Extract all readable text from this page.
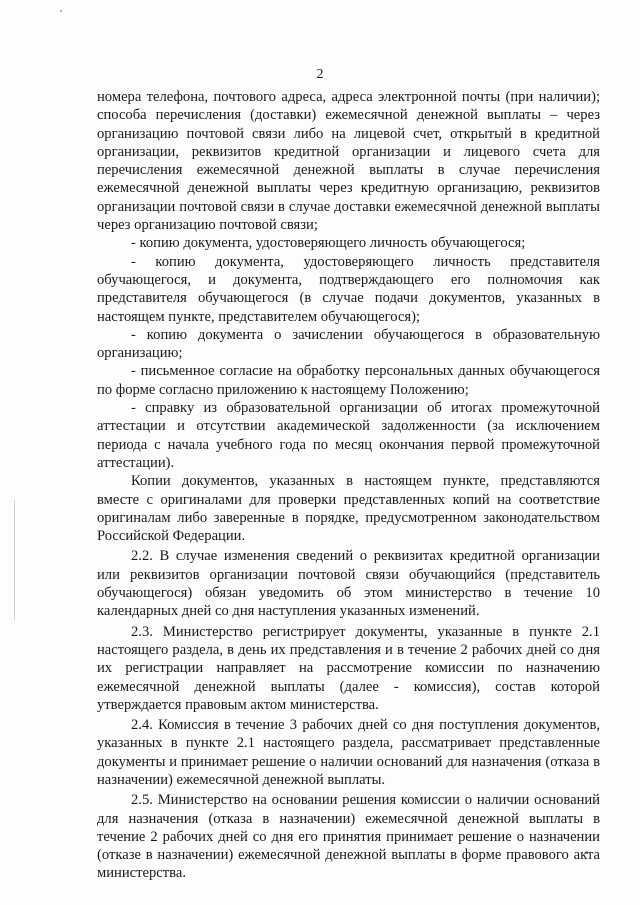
2

номера телефона, почтового адреса, адреса электронной почты (при наличии); способа перечисления (доставки) ежемесячной денежной выплаты – через организацию почтовой связи либо на лицевой счет, открытый в кредитной организации, реквизитов кредитной организации и лицевого счета для перечисления ежемесячной денежной выплаты в случае перечисления ежемесячной денежной выплаты через кредитную организацию, реквизитов организации почтовой связи в случае доставки ежемесячной денежной выплаты через организацию почтовой связи;

- копию документа, удостоверяющего личность обучающегося;

- копию документа, удостоверяющего личность представителя обучающегося, и документа, подтверждающего его полномочия как представителя обучающегося (в случае подачи документов, указанных в настоящем пункте, представителем обучающегося);

- копию документа о зачислении обучающегося в образовательную организацию;

- письменное согласие на обработку персональных данных обучающегося по форме согласно приложению к настоящему Положению;

- справку из образовательной организации об итогах промежуточной аттестации и отсутствии академической задолженности (за исключением периода с начала учебного года по месяц окончания первой промежуточной аттестации).

Копии документов, указанных в настоящем пункте, представляются вместе с оригиналами для проверки представленных копий на соответствие оригиналам либо заверенные в порядке, предусмотренном законодательством Российской Федерации.

2.2. В случае изменения сведений о реквизитах кредитной организации или реквизитов организации почтовой связи обучающийся (представитель обучающегося) обязан уведомить об этом министерство в течение 10 календарных дней со дня наступления указанных изменений.

2.3. Министерство регистрирует документы, указанные в пункте 2.1 настоящего раздела, в день их представления и в течение 2 рабочих дней со дня их регистрации направляет на рассмотрение комиссии по назначению ежемесячной денежной выплаты (далее - комиссия), состав которой утверждается правовым актом министерства.

2.4. Комиссия в течение 3 рабочих дней со дня поступления документов, указанных в пункте 2.1 настоящего раздела, рассматривает представленные документы и принимает решение о наличии оснований для назначения (отказа в назначении) ежемесячной денежной выплаты.

2.5. Министерство на основании решения комиссии о наличии оснований для назначения (отказа в назначении) ежемесячной денежной выплаты в течение 2 рабочих дней со дня его принятия принимает решение о назначении (отказе в назначении) ежемесячной денежной выплаты в форме правового акта министерства.
